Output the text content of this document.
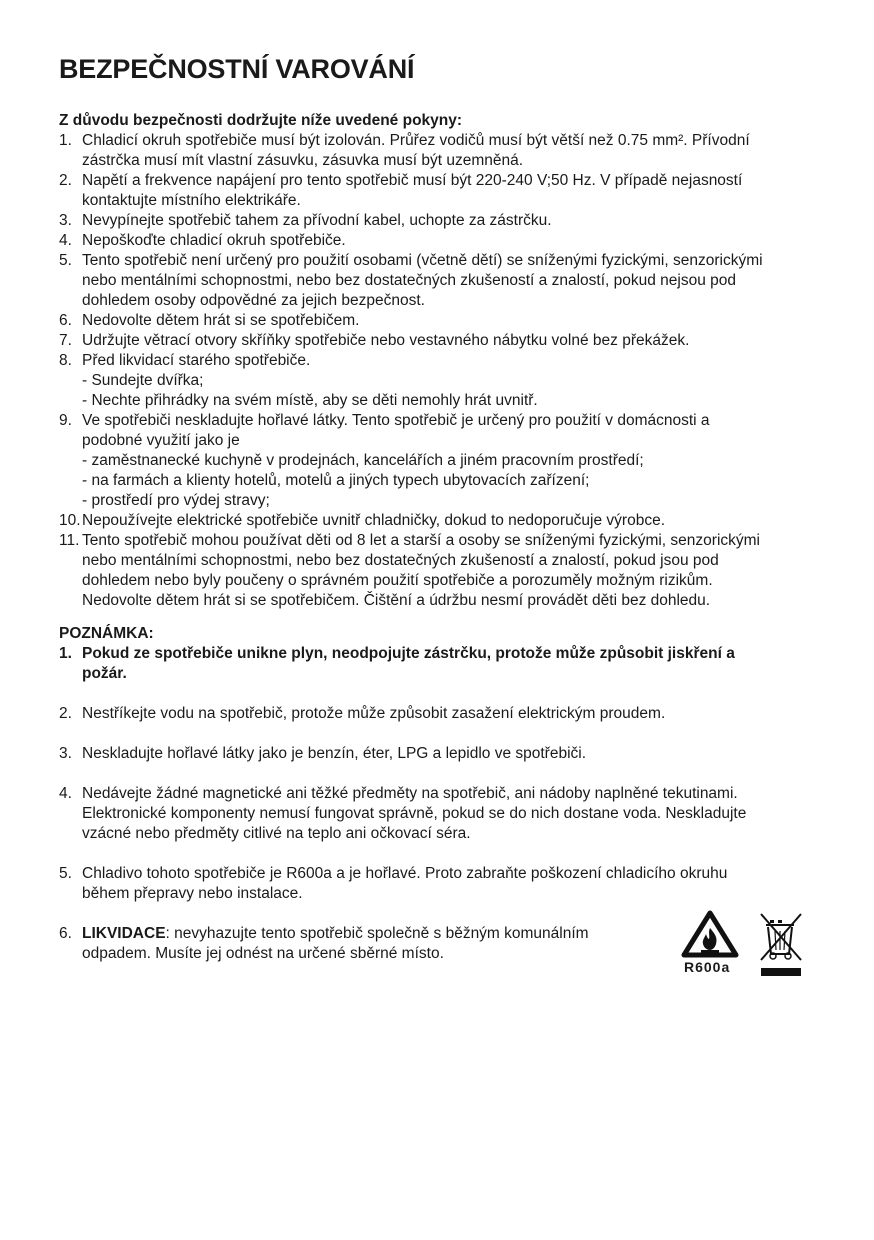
BEZPEČNOSTNÍ VAROVÁNÍ
Z důvodu bezpečnosti dodržujte níže uvedené pokyny:
1. Chladicí okruh spotřebiče musí být izolován. Průřez vodičů musí být větší než 0.75 mm². Přívodní
zástrčka musí mít vlastní zásuvku, zásuvka musí být uzemněná.
2. Napětí a frekvence napájení pro tento spotřebič musí být 220-240 V;50 Hz. V případě nejasností
kontaktujte místního elektrikáře.
3. Nevypínejte spotřebič tahem za přívodní kabel, uchopte za zástrčku.
4. Nepoškoďte chladicí okruh spotřebiče.
5. Tento spotřebič není určený pro použití osobami (včetně dětí) se sníženými fyzickými, senzorickými
nebo mentálními schopnostmi, nebo bez dostatečných zkušeností a znalostí, pokud nejsou pod
dohledem osoby odpovědné za jejich bezpečnost.
6. Nedovolte dětem hrát si se spotřebičem.
7. Udržujte větrací otvory skříňky spotřebiče nebo vestavného nábytku volné bez překážek.
8. Před likvidací starého spotřebiče.
- Sundejte dvířka;
- Nechte přihrádky na svém místě, aby se děti nemohly hrát uvnitř.
9. Ve spotřebiči neskladujte hořlavé látky. Tento spotřebič je určený pro použití v domácnosti a
podobné využití jako je
- zaměstnanecké kuchyně v prodejnách, kancelářích a jiném pracovním prostředí;
- na farmách a klienty hotelů, motelů a jiných typech ubytovacích zařízení;
- prostředí pro výdej stravy;
10. Nepoužívejte elektrické spotřebiče uvnitř chladničky, dokud to nedoporučuje výrobce.
11. Tento spotřebič mohou používat děti od 8 let a starší a osoby se sníženými fyzickými, senzorickými
nebo mentálními schopnostmi, nebo bez dostatečných zkušeností a znalostí, pokud jsou pod
dohledem nebo byly poučeny o správném použití spotřebiče a porozuměly možným rizikům.
Nedovolte dětem hrát si se spotřebičem. Čištění a údržbu nesmí provádět děti bez dohledu.
POZNÁMKA:
1. Pokud ze spotřebiče unikne plyn, neodpojujte zástrčku, protože může způsobit jiskření a
požár.
2. Nestříkejte vodu na spotřebič, protože může způsobit zasažení elektrickým proudem.
3. Neskladujte hořlavé látky jako je benzín, éter, LPG a lepidlo ve spotřebiči.
4. Nedávejte žádné magnetické ani těžké předměty na spotřebič, ani nádoby naplněné tekutinami.
Elektronické komponenty nemusí fungovat správně, pokud se do nich dostane voda. Neskladujte
vzácné nebo předměty citlivé na teplo ani očkovací séra.
5. Chladivo tohoto spotřebiče je R600a a je hořlavé. Proto zabraňte poškození chladicího okruhu
během přepravy nebo instalace.
6. LIKVIDACE: nevyhazujte tento spotřebič společně s běžným komunálním
odpadem. Musíte jej odnést na určené sběrné místo.
R600a
